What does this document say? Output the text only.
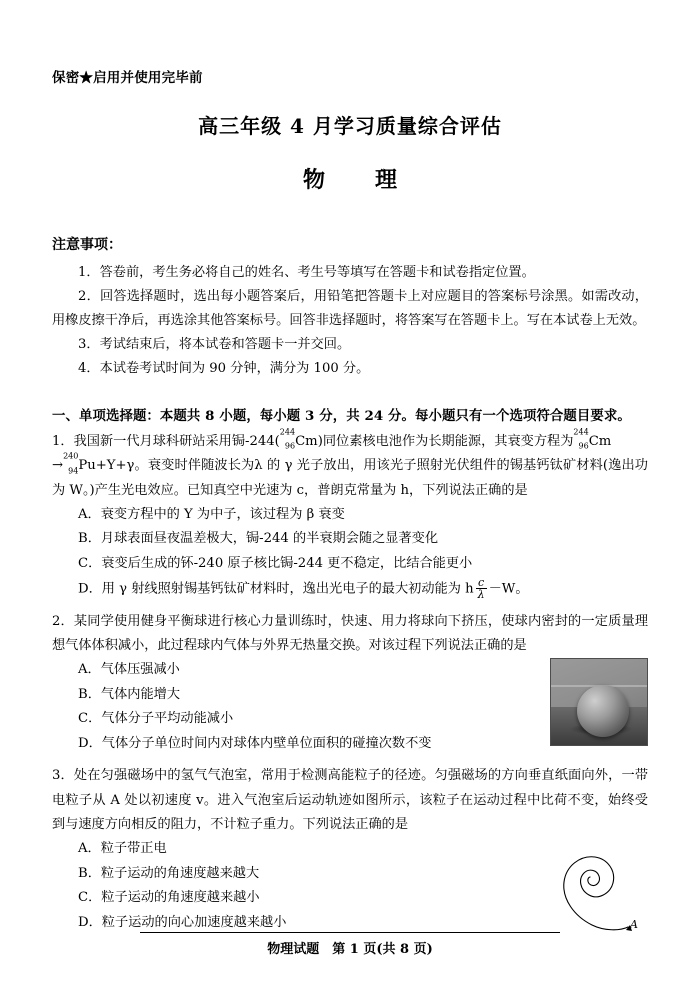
保密★启用并使用完毕前
高三年级 4 月学习质量综合评估
物　理
注意事项：
1．答卷前，考生务必将自己的姓名、考生号等填写在答题卡和试卷指定位置。
2．回答选择题时，选出每小题答案后，用铅笔把答题卡上对应题目的答案标号涂黑。如需改动，用橡皮擦干净后，再选涂其他答案标号。回答非选择题时，将答案写在答题卡上。写在本试卷上无效。
3．考试结束后，将本试卷和答题卡一并交回。
4．本试卷考试时间为 90 分钟，满分为 100 分。
一、单项选择题：本题共 8 小题，每小题 3 分，共 24 分。每小题只有一个选项符合题目要求。
1．我国新一代月球科研站采用锔-244($^{244}$
$_{96}$Cm)同位素核电池作为长期能源，其衰变方程为$^{244}$
$_{96}$Cm
→$^{240}$
$_{94}$Pu+Y+γ。衰变时伴随波长为λ 的 γ 光子放出，用该光子照射光伏组件的锡基钙钛矿材料(逸出功为 W。)产生光电效应。已知真空中光速为 c，普朗克常量为 h，下列说法正确的是
A．衰变方程中的 Y 为中子，该过程为 β 衰变
B．月球表面昼夜温差极大，锔-244 的半衰期会随之显著变化
C．衰变后生成的钚-240 原子核比锔-244 更不稳定，比结合能更小
D．用 γ 射线照射锡基钙钛矿材料时，逸出光电子的最大初动能为 h $\frac{c}{\lambda} -W$。
2．某同学使用健身平衡球进行核心力量训练时，快速、用力将球向下挤压，使球内密封的一定质量理想气体体积减小，此过程球内气体与外界无热量交换。对该过程下列说法正确的是
A．气体压强减小
B．气体内能增大
C．气体分子平均动能减小
D．气体分子单位时间内对球体内壁单位面积的碰撞次数不变
3．处在匀强磁场中的氢气气泡室，常用于检测高能粒子的径迹。匀强磁场的方向垂直纸面向外，一带电粒子从 A 处以初速度 v。进入气泡室后运动轨迹如图所示，该粒子在运动过程中比荷不变，始终受到与速度方向相反的阻力，不计粒子重力。下列说法正确的是
A
A．粒子带正电
B．粒子运动的角速度越来越大
C．粒子运动的角速度越来越小
D．粒子运动的向心加速度越来越小
物理试题　第 1 页(共 8 页)
